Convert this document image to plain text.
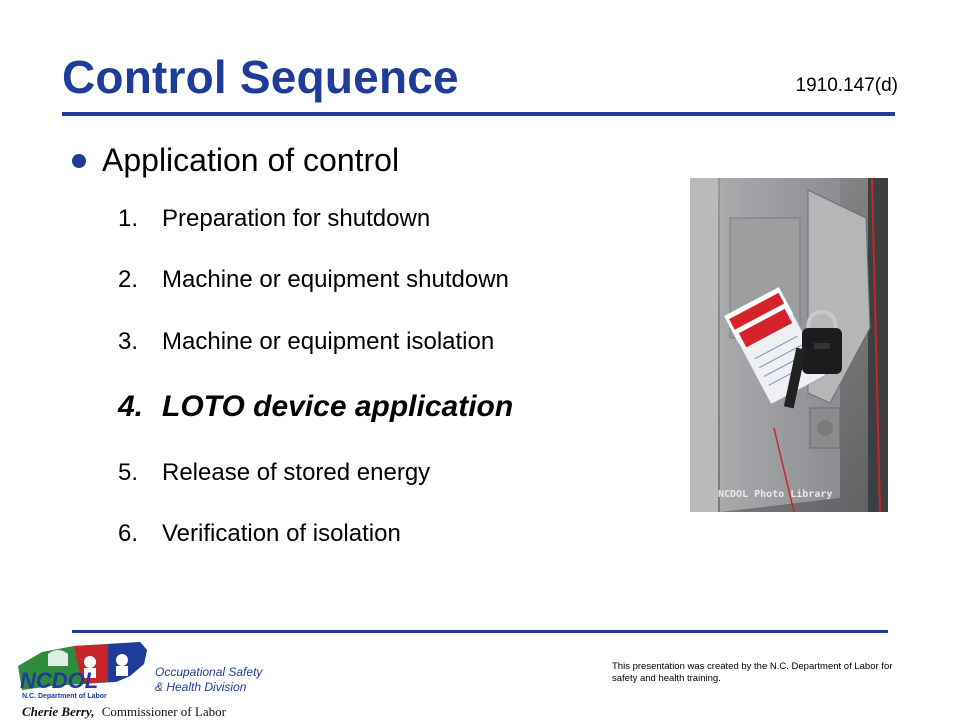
Control Sequence	1910.147(d)
Application of control
1. Preparation for shutdown
2. Machine or equipment shutdown
3. Machine or equipment isolation
4. LOTO device application
5. Release of stored energy
6. Verification of isolation
NCDOL Photo Library
NCDOL
N.C. Department of Labor
Occupational Safety
& Health Division
Cherie Berry, Commissioner of Labor
This presentation was created by the N.C. Department of Labor for safety and health training.
